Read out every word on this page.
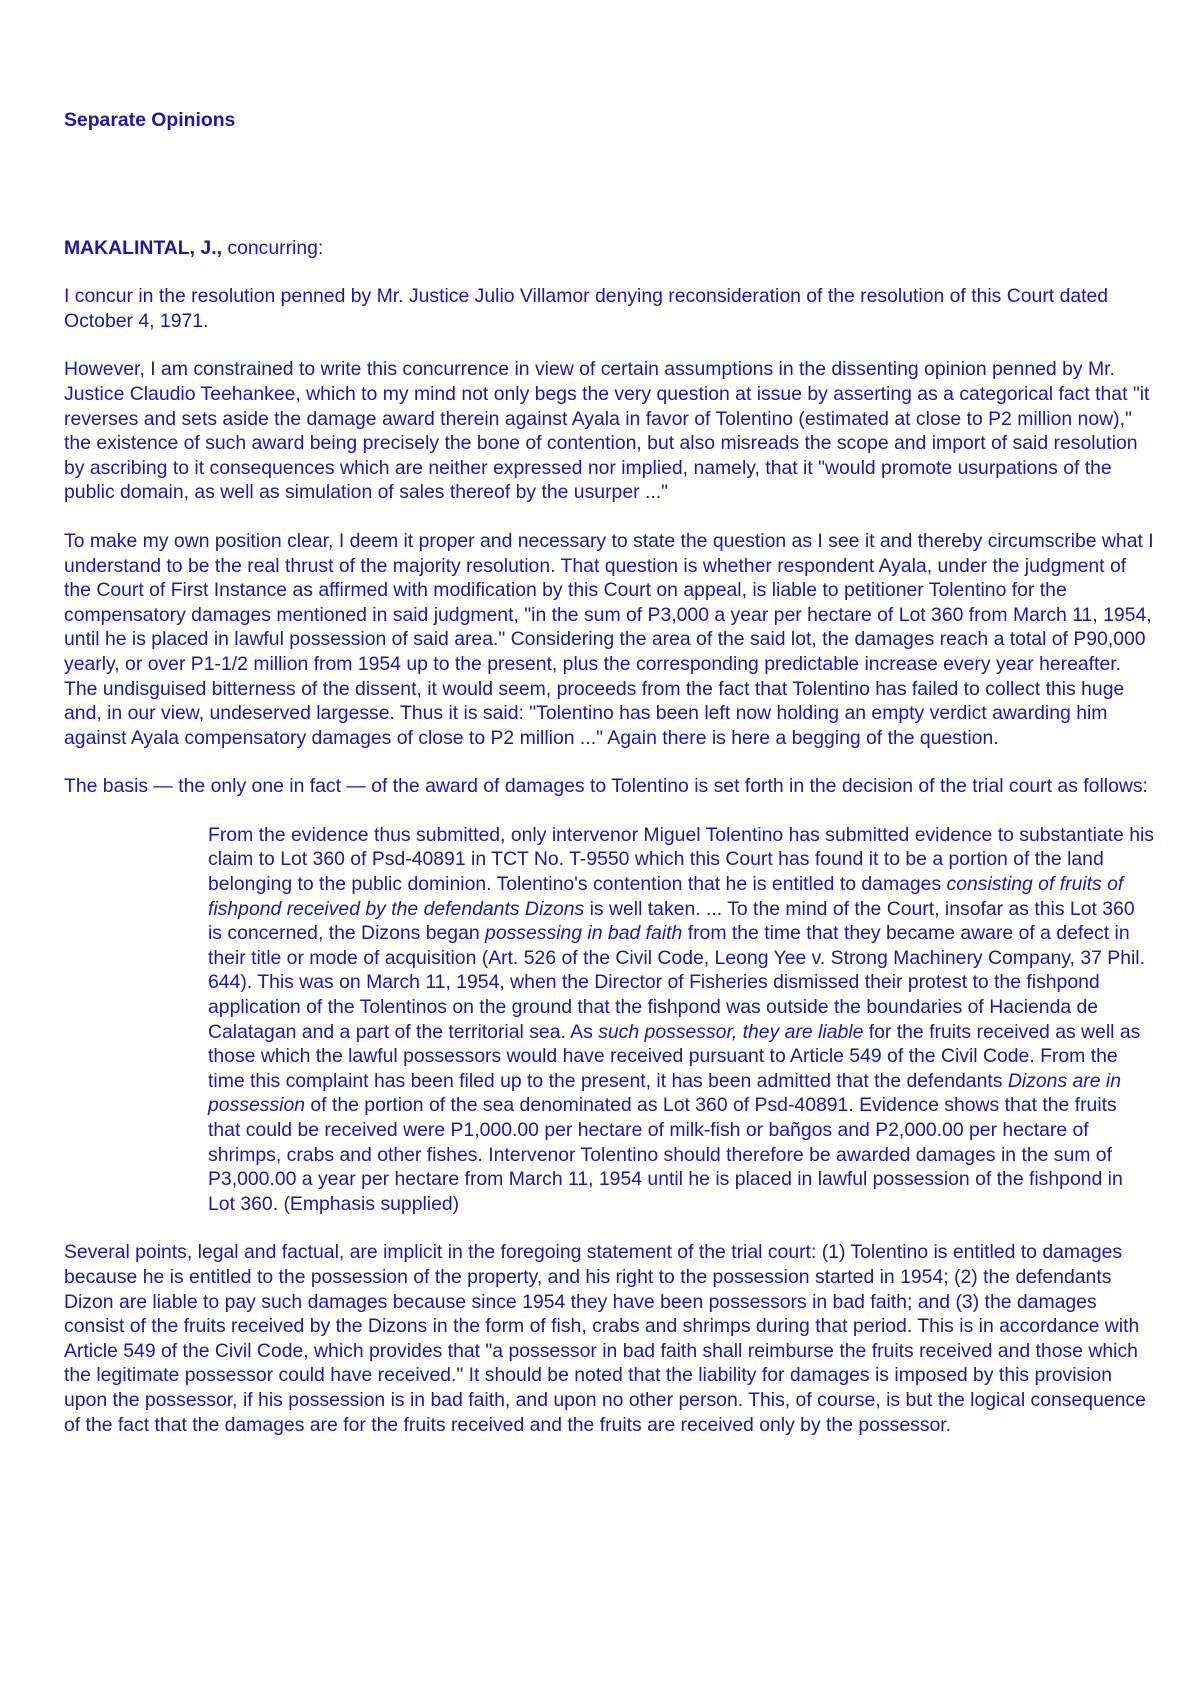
Separate Opinions

MAKALINTAL, J., concurring:

I concur in the resolution penned by Mr. Justice Julio Villamor denying reconsideration of the resolution of this Court dated October 4, 1971.

However, I am constrained to write this concurrence in view of certain assumptions in the dissenting opinion penned by Mr. Justice Claudio Teehankee, which to my mind not only begs the very question at issue by asserting as a categorical fact that "it reverses and sets aside the damage award therein against Ayala in favor of Tolentino (estimated at close to P2 million now)," the existence of such award being precisely the bone of contention, but also misreads the scope and import of said resolution by ascribing to it consequences which are neither expressed nor implied, namely, that it "would promote usurpations of the public domain, as well as simulation of sales thereof by the usurper ..."

To make my own position clear, I deem it proper and necessary to state the question as I see it and thereby circumscribe what I understand to be the real thrust of the majority resolution. That question is whether respondent Ayala, under the judgment of the Court of First Instance as affirmed with modification by this Court on appeal, is liable to petitioner Tolentino for the compensatory damages mentioned in said judgment, "in the sum of P3,000 a year per hectare of Lot 360 from March 11, 1954, until he is placed in lawful possession of said area." Considering the area of the said lot, the damages reach a total of P90,000 yearly, or over P1-1/2 million from 1954 up to the present, plus the corresponding predictable increase every year hereafter. The undisguised bitterness of the dissent, it would seem, proceeds from the fact that Tolentino has failed to collect this huge and, in our view, undeserved largesse. Thus it is said: "Tolentino has been left now holding an empty verdict awarding him against Ayala compensatory damages of close to P2 million ..." Again there is here a begging of the question.

The basis — the only one in fact — of the award of damages to Tolentino is set forth in the decision of the trial court as follows:

From the evidence thus submitted, only intervenor Miguel Tolentino has submitted evidence to substantiate his claim to Lot 360 of Psd-40891 in TCT No. T-9550 which this Court has found it to be a portion of the land belonging to the public dominion. Tolentino's contention that he is entitled to damages consisting of fruits of fishpond received by the defendants Dizons is well taken. ... To the mind of the Court, insofar as this Lot 360 is concerned, the Dizons began possessing in bad faith from the time that they became aware of a defect in their title or mode of acquisition (Art. 526 of the Civil Code, Leong Yee v. Strong Machinery Company, 37 Phil. 644). This was on March 11, 1954, when the Director of Fisheries dismissed their protest to the fishpond application of the Tolentinos on the ground that the fishpond was outside the boundaries of Hacienda de Calatagan and a part of the territorial sea. As such possessor, they are liable for the fruits received as well as those which the lawful possessors would have received pursuant to Article 549 of the Civil Code. From the time this complaint has been filed up to the present, it has been admitted that the defendants Dizons are in possession of the portion of the sea denominated as Lot 360 of Psd-40891. Evidence shows that the fruits that could be received were P1,000.00 per hectare of milk-fish or bañgos and P2,000.00 per hectare of shrimps, crabs and other fishes. Intervenor Tolentino should therefore be awarded damages in the sum of P3,000.00 a year per hectare from March 11, 1954 until he is placed in lawful possession of the fishpond in Lot 360. (Emphasis supplied)

Several points, legal and factual, are implicit in the foregoing statement of the trial court: (1) Tolentino is entitled to damages because he is entitled to the possession of the property, and his right to the possession started in 1954; (2) the defendants Dizon are liable to pay such damages because since 1954 they have been possessors in bad faith; and (3) the damages consist of the fruits received by the Dizons in the form of fish, crabs and shrimps during that period. This is in accordance with Article 549 of the Civil Code, which provides that "a possessor in bad faith shall reimburse the fruits received and those which the legitimate possessor could have received." It should be noted that the liability for damages is imposed by this provision upon the possessor, if his possession is in bad faith, and upon no other person. This, of course, is but the logical consequence of the fact that the damages are for the fruits received and the fruits are received only by the possessor.
